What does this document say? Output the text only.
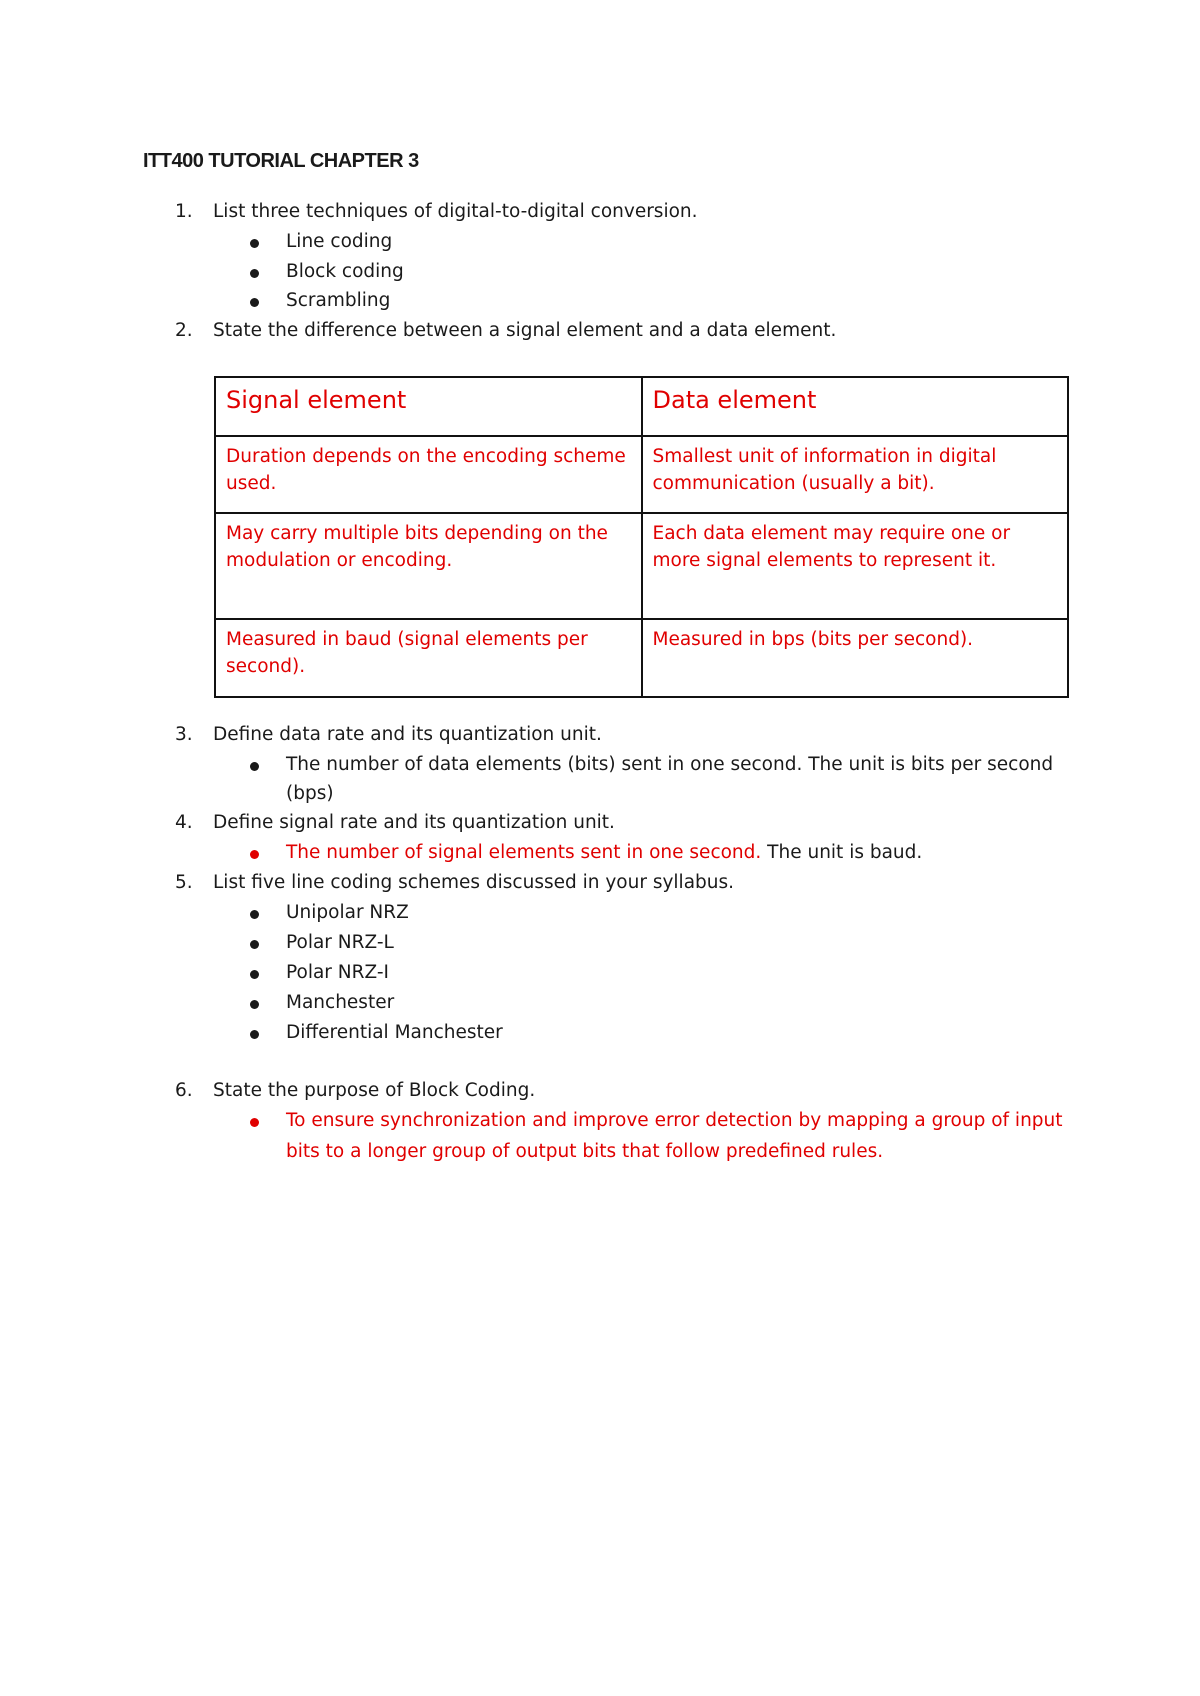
ITT400 TUTORIAL CHAPTER 3
1. List three techniques of digital-to-digital conversion.
Line coding
Block coding
Scrambling
2. State the difference between a signal element and a data element.
Signal element	Data element
Duration depends on the encoding scheme used.	Smallest unit of information in digital communication (usually a bit).
May carry multiple bits depending on the modulation or encoding.	Each data element may require one or more signal elements to represent it.
Measured in baud (signal elements per second).	Measured in bps (bits per second).
3. Define data rate and its quantization unit.
The number of data elements (bits) sent in one second. The unit is bits per second
(bps)
4. Define signal rate and its quantization unit.
The number of signal elements sent in one second. The unit is baud.
5. List five line coding schemes discussed in your syllabus.
Unipolar NRZ
Polar NRZ-L
Polar NRZ-I
Manchester
Differential Manchester
6. State the purpose of Block Coding.
To ensure synchronization and improve error detection by mapping a group of input
bits to a longer group of output bits that follow predefined rules.
